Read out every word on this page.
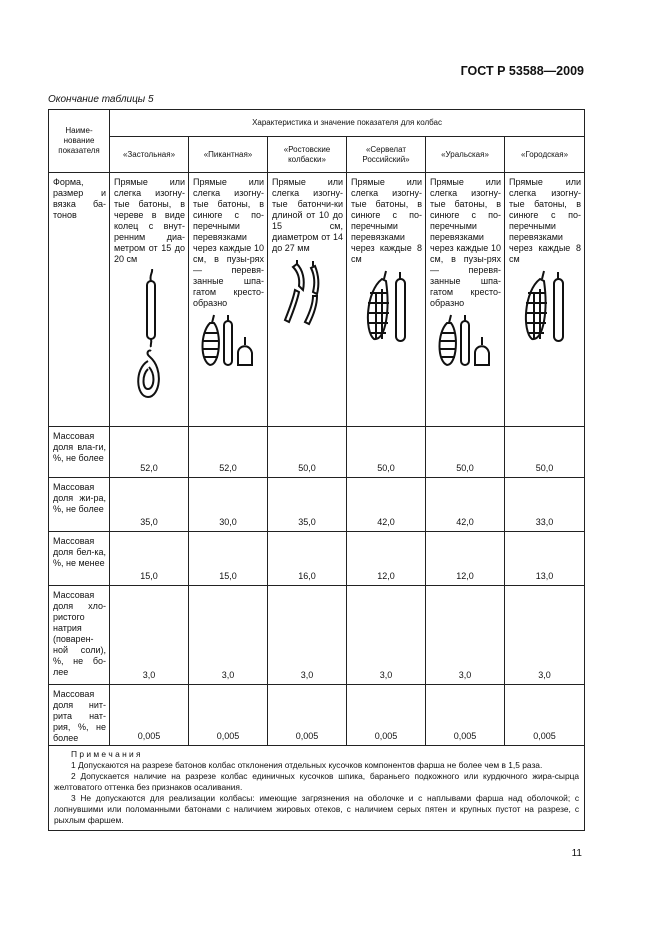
ГОСТ Р 53588—2009
Окончание таблицы 5
Наиме-
нование
показателя	Характеристика и значение показателя для колбас					
	«Застольная»	«Пикантная»	«Ростовские колбаски»	«Сервелат Российский»	«Уральская»	«Городская»
Форма, размер и вязка ба-тонов	Прямые или слегка изогну-тые батоны, в черeве в виде колец с внут-ренним диа-метром от 15 до 20 см	Прямые или слегка изогну-тые батоны, в синюге с по-перечными перевязками через каждые 10 см, в пузы-рях — перевя-занные шпа-гатом кресто-образно	Прямые или слегка изогну-тые батончи-ки длиной от 10 до 15 см, диаметром от 14 до 27 мм	Прямые или слегка изогну-тые батоны, в синюге с по-перечными перевязками через каждые 8 см	Прямые или слегка изогну-тые батоны, в синюге с по-перечными перевязками через каждые 10 см, в пузы-рях — перевя-занные шпа-гатом кресто-образно	Прямые или слегка изогну-тые батоны, в синюге с по-перечными перевязками через каждые 8 см

Массовая доля вла-ги, %, не более	52,0	52,0	50,0	50,0	50,0	50,0

Массовая доля жи-ра, %, не более	35,0	30,0	35,0	42,0	42,0	33,0

Массовая доля бел-ка, %, не менее	15,0	15,0	16,0	12,0	12,0	13,0

Массовая доля хло-ристого натрия (поварен-ной соли), %, не бо-лее	3,0	3,0	3,0	3,0	3,0	3,0

Массовая доля нит-рита нат-рия, %, не более	0,005	0,005	0,005	0,005	0,005	0,005

П р и м е ч а н и я
1 Допускаются на разрезе батонов колбас отклонения отдельных кусочков компонентов фарша не более чем в 1,5 раза.
2 Допускается наличие на разрезе колбас единичных кусочков шпика, бараньего подкожного или курдючного жира-сырца желтоватого оттенка без признаков осаливания.
3 Не допускаются для реализации колбасы: имеющие загрязнения на оболочке и с наплывами фарша над оболочкой; с лопнувшими или поломанными батонами с наличием жировых отеков, с наличием серых пятен и крупных пустот на разрезе, с рыхлым фаршем.						
11
